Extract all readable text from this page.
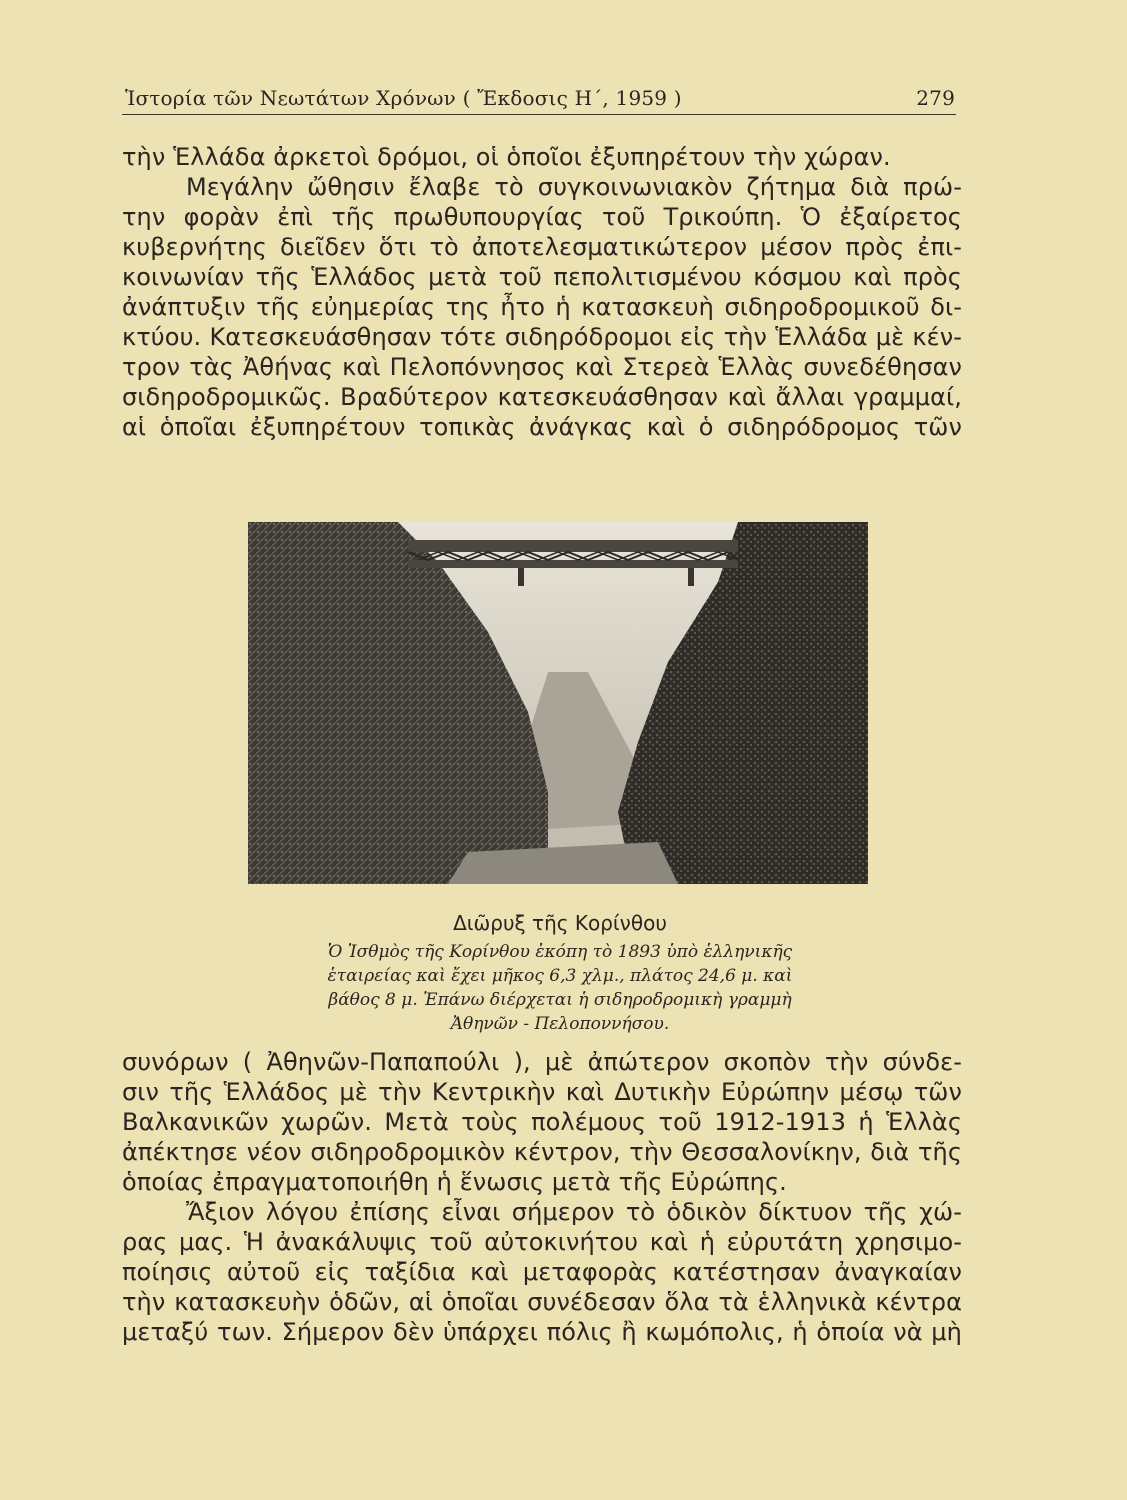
Ἱστορία τῶν Νεωτάτων Χρόνων ( Ἔκδοσις Η΄, 1959 )	279
τὴν Ἑλλάδα ἀρκετοὶ δρόμοι, οἱ ὁποῖοι ἐξυπηρέτουν τὴν χώραν.
Μεγάλην ὤθησιν ἔλαβε τὸ συγκοινωνιακὸν ζήτημα διὰ πρώ-
την φορὰν ἐπὶ τῆς πρωθυπουργίας τοῦ Τρικούπη. Ὁ ἐξαίρετος
κυβερνήτης διεῖδεν ὅτι τὸ ἀποτελεσματικώτερον μέσον πρὸς ἐπι-
κοινωνίαν τῆς Ἑλλάδος μετὰ τοῦ πεπολιτισμένου κόσμου καὶ πρὸς
ἀνάπτυξιν τῆς εὐημερίας της ἦτο ἡ κατασκευὴ σιδηροδρομικοῦ δι-
κτύου. Κατεσκευάσθησαν τότε σιδηρόδρομοι εἰς τὴν Ἑλλάδα μὲ κέν-
τρον τὰς Ἀθήνας καὶ Πελοπόννησος καὶ Στερεὰ Ἑλλὰς συνεδέθησαν
σιδηροδρομικῶς. Βραδύτερον κατεσκευάσθησαν καὶ ἄλλαι γραμμαί,
αἱ ὁποῖαι ἐξυπηρέτουν τοπικὰς ἀνάγκας καὶ ὁ σιδηρόδρομος τῶν
Διῶρυξ τῆς Κορίνθου
Ὁ Ἰσθμὸς τῆς Κορίνθου ἐκόπη τὸ 1893 ὑπὸ ἑλληνικῆς
ἑταιρείας καὶ ἔχει μῆκος 6,3 χλμ., πλάτος 24,6 μ. καὶ
βάθος 8 μ. Ἐπάνω διέρχεται ἡ σιδηροδρομικὴ γραμμὴ
Ἀθηνῶν - Πελοποννήσου.
συνόρων ( Ἀθηνῶν-Παπαπούλι ), μὲ ἀπώτερον σκοπὸν τὴν σύνδε-
σιν τῆς Ἑλλάδος μὲ τὴν Κεντρικὴν καὶ Δυτικὴν Εὐρώπην μέσῳ τῶν
Βαλκανικῶν χωρῶν. Μετὰ τοὺς πολέμους τοῦ 1912-1913 ἡ Ἑλλὰς
ἀπέκτησε νέον σιδηροδρομικὸν κέντρον, τὴν Θεσσαλονίκην, διὰ τῆς
ὁποίας ἐπραγματοποιήθη ἡ ἕνωσις μετὰ τῆς Εὐρώπης.
Ἄξιον λόγου ἐπίσης εἶναι σήμερον τὸ ὁδικὸν δίκτυον τῆς χώ-
ρας μας. Ἡ ἀνακάλυψις τοῦ αὐτοκινήτου καὶ ἡ εὐρυτάτη χρησιμο-
ποίησις αὐτοῦ εἰς ταξίδια καὶ μεταφορὰς κατέστησαν ἀναγκαίαν
τὴν κατασκευὴν ὁδῶν, αἱ ὁποῖαι συνέδεσαν ὅλα τὰ ἑλληνικὰ κέντρα
μεταξύ των. Σήμερον δὲν ὑπάρχει πόλις ἢ κωμόπολις, ἡ ὁποία νὰ μὴ
